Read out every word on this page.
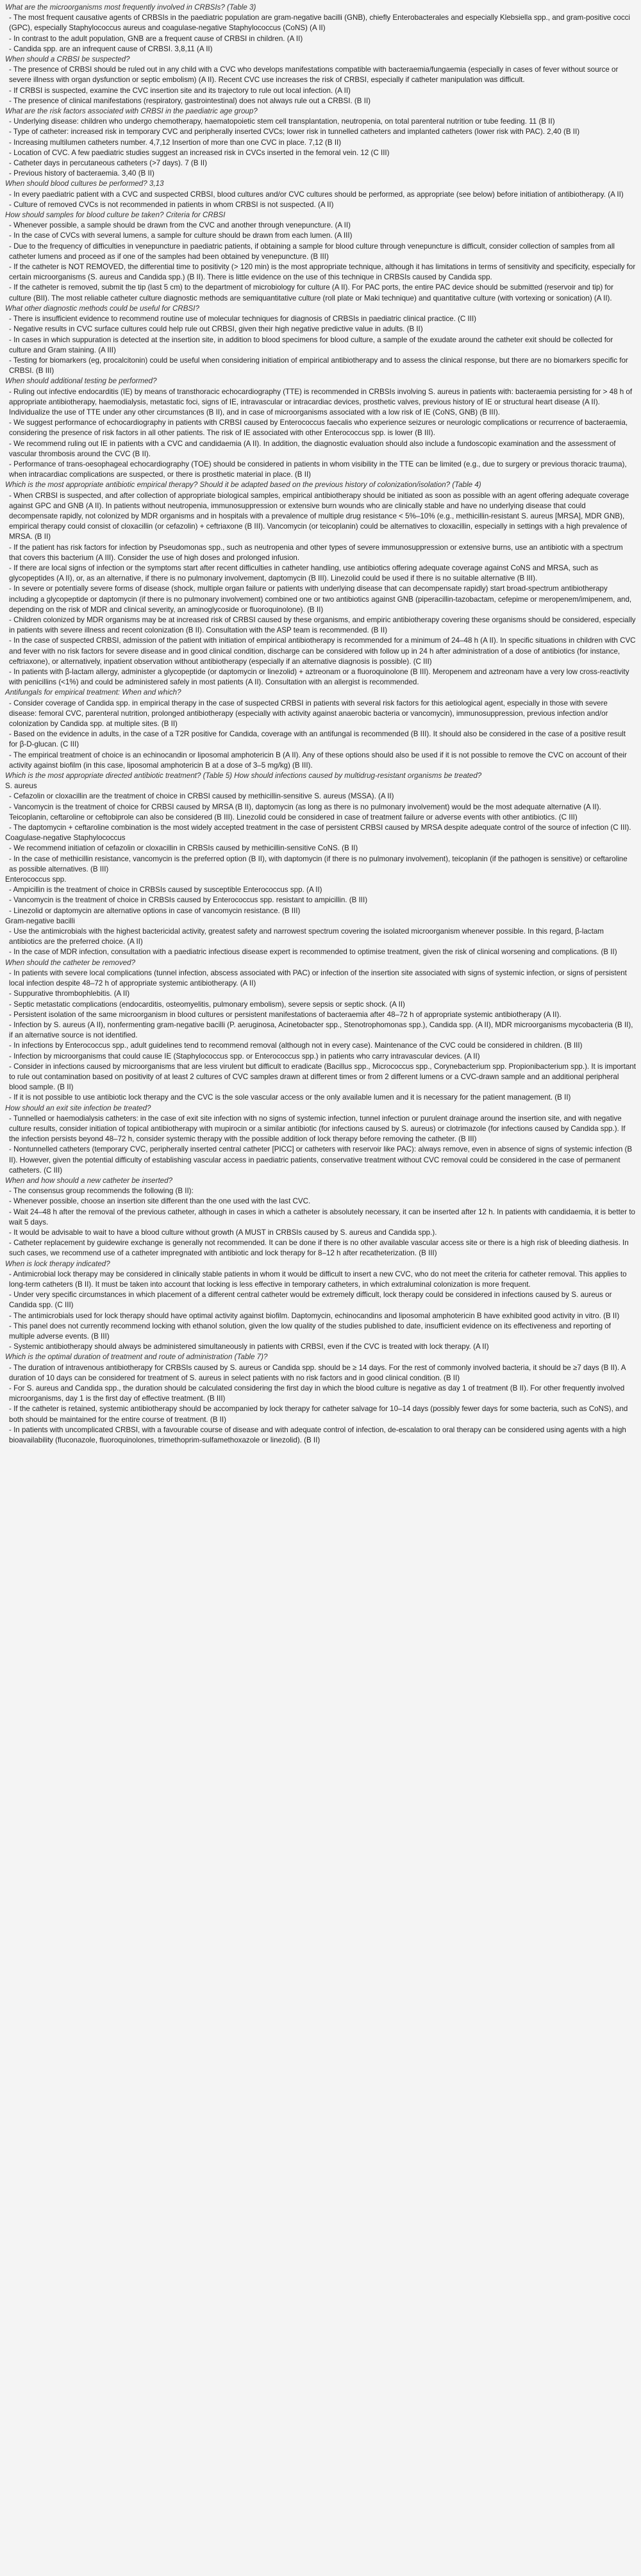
What are the microorganisms most frequently involved in CRBSIs? (Table 3)

- The most frequent causative agents of CRBSIs in the paediatric population are gram-negative bacilli (GNB), chiefly Enterobacterales and especially Klebsiella spp., and gram-positive cocci (GPC), especially Staphylococcus aureus and coagulase-negative Staphylococcus (CoNS) (A II)

- In contrast to the adult population, GNB are a frequent cause of CRBSI in children. (A II)

- Candida spp. are an infrequent cause of CRBSI. 3,8,11 (A II)

When should a CRBSI be suspected?

- The presence of CRBSI should be ruled out in any child with a CVC who develops manifestations compatible with bacteraemia/fungaemia (especially in cases of fever without source or severe illness with organ dysfunction or septic embolism) (A II). Recent CVC use increases the risk of CRBSI, especially if catheter manipulation was difficult.

- If CRBSI is suspected, examine the CVC insertion site and its trajectory to rule out local infection. (A II)

- The presence of clinical manifestations (respiratory, gastrointestinal) does not always rule out a CRBSI. (B II)

What are the risk factors associated with CRBSI in the paediatric age group?

- Underlying disease: children who undergo chemotherapy, haematopoietic stem cell transplantation, neutropenia, on total parenteral nutrition or tube feeding. 11 (B II)

- Type of catheter: increased risk in temporary CVC and peripherally inserted CVCs; lower risk in tunnelled catheters and implanted catheters (lower risk with PAC). 2,40 (B II)

- Increasing multilumen catheters number. 4,7,12 Insertion of more than one CVC in place. 7,12 (B II)

- Location of CVC. A few paediatric studies suggest an increased risk in CVCs inserted in the femoral vein. 12 (C III)

- Catheter days in percutaneous catheters (>7 days). 7 (B II)

- Previous history of bacteraemia. 3,40 (B II)

When should blood cultures be performed? 3,13

- In every paediatric patient with a CVC and suspected CRBSI, blood cultures and/or CVC cultures should be performed, as appropriate (see below) before initiation of antibiotherapy. (A II)

- Culture of removed CVCs is not recommended in patients in whom CRBSI is not suspected. (A II)

How should samples for blood culture be taken? Criteria for CRBSI

- Whenever possible, a sample should be drawn from the CVC and another through venepuncture. (A II)

- In the case of CVCs with several lumens, a sample for culture should be drawn from each lumen. (A III)

- Due to the frequency of difficulties in venepuncture in paediatric patients, if obtaining a sample for blood culture through venepuncture is difficult, consider collection of samples from all catheter lumens and proceed as if one of the samples had been obtained by venepuncture. (B III)

- If the catheter is NOT REMOVED, the differential time to positivity (> 120 min) is the most appropriate technique, although it has limitations in terms of sensitivity and specificity, especially for certain microorganisms (S. aureus and Candida spp.) (B II). There is little evidence on the use of this technique in CRBSIs caused by Candida spp.

- If the catheter is removed, submit the tip (last 5 cm) to the department of microbiology for culture (A II). For PAC ports, the entire PAC device should be submitted (reservoir and tip) for culture (BII). The most reliable catheter culture diagnostic methods are semiquantitative culture (roll plate or Maki technique) and quantitative culture (with vortexing or sonication) (A II).

What other diagnostic methods could be useful for CRBSI?

- There is insufficient evidence to recommend routine use of molecular techniques for diagnosis of CRBSIs in paediatric clinical practice. (C III)

- Negative results in CVC surface cultures could help rule out CRBSI, given their high negative predictive value in adults. (B II)

- In cases in which suppuration is detected at the insertion site, in addition to blood specimens for blood culture, a sample of the exudate around the catheter exit should be collected for culture and Gram staining. (A III)

- Testing for biomarkers (eg, procalcitonin) could be useful when considering initiation of empirical antibiotherapy and to assess the clinical response, but there are no biomarkers specific for CRBSI. (B III)

When should additional testing be performed?

- Ruling out infective endocarditis (IE) by means of transthoracic echocardiography (TTE) is recommended in CRBSIs involving S. aureus in patients with: bacteraemia persisting for > 48 h of appropriate antibiotherapy, haemodialysis, metastatic foci, signs of IE, intravascular or intracardiac devices, prosthetic valves, previous history of IE or structural heart disease (A II). Individualize the use of TTE under any other circumstances (B II), and in case of microorganisms associated with a low risk of IE (CoNS, GNB) (B III).

- We suggest performance of echocardiography in patients with CRBSI caused by Enterococcus faecalis who experience seizures or neurologic complications or recurrence of bacteraemia, considering the presence of risk factors in all other patients. The risk of IE associated with other Enterococcus spp. is lower (B III).

- We recommend ruling out IE in patients with a CVC and candidaemia (A II). In addition, the diagnostic evaluation should also include a fundoscopic examination and the assessment of vascular thrombosis around the CVC (B II).

- Performance of trans-oesophageal echocardiography (TOE) should be considered in patients in whom visibility in the TTE can be limited (e.g., due to surgery or previous thoracic trauma), when intracardiac complications are suspected, or there is prosthetic material in place. (B II)

Which is the most appropriate antibiotic empirical therapy? Should it be adapted based on the previous history of colonization/isolation? (Table 4)

- When CRBSI is suspected, and after collection of appropriate biological samples, empirical antibiotherapy should be initiated as soon as possible with an agent offering adequate coverage against GPC and GNB (A II). In patients without neutropenia, immunosuppression or extensive burn wounds who are clinically stable and have no underlying disease that could decompensate rapidly, not colonized by MDR organisms and in hospitals with a prevalence of multiple drug resistance < 5%–10% (e.g., methicillin-resistant S. aureus [MRSA], MDR GNB), empirical therapy could consist of cloxacillin (or cefazolin) + ceftriaxone (B III). Vancomycin (or teicoplanin) could be alternatives to cloxacillin, especially in settings with a high prevalence of MRSA. (B II)

- If the patient has risk factors for infection by Pseudomonas spp., such as neutropenia and other types of severe immunosuppression or extensive burns, use an antibiotic with a spectrum that covers this bacterium (A III). Consider the use of high doses and prolonged infusion.

- If there are local signs of infection or the symptoms start after recent difficulties in catheter handling, use antibiotics offering adequate coverage against CoNS and MRSA, such as glycopeptides (A II), or, as an alternative, if there is no pulmonary involvement, daptomycin (B III). Linezolid could be used if there is no suitable alternative (B III).

- In severe or potentially severe forms of disease (shock, multiple organ failure or patients with underlying disease that can decompensate rapidly) start broad-spectrum antibiotherapy including a glycopeptide or daptomycin (if there is no pulmonary involvement) combined one or two antibiotics against GNB (piperacillin-tazobactam, cefepime or meropenem/imipenem, and, depending on the risk of MDR and clinical severity, an aminoglycoside or fluoroquinolone). (B II)

- Children colonized by MDR organisms may be at increased risk of CRBSI caused by these organisms, and empiric antibiotherapy covering these organisms should be considered, especially in patients with severe illness and recent colonization (B II). Consultation with the ASP team is recommended. (B II)

- In the case of suspected CRBSI, admission of the patient with initiation of empirical antibiotherapy is recommended for a minimum of 24–48 h (A II). In specific situations in children with CVC and fever with no risk factors for severe disease and in good clinical condition, discharge can be considered with follow up in 24 h after administration of a dose of antibiotics (for instance, ceftriaxone), or alternatively, inpatient observation without antibiotherapy (especially if an alternative diagnosis is possible). (C III)

- In patients with β-lactam allergy, administer a glycopeptide (or daptomycin or linezolid) + aztreonam or a fluoroquinolone (B III). Meropenem and aztreonam have a very low cross-reactivity with penicillins (<1%) and could be administered safely in most patients (A II). Consultation with an allergist is recommended.

Antifungals for empirical treatment: When and which?

- Consider coverage of Candida spp. in empirical therapy in the case of suspected CRBSI in patients with several risk factors for this aetiological agent, especially in those with severe disease: femoral CVC, parenteral nutrition, prolonged antibiotherapy (especially with activity against anaerobic bacteria or vancomycin), immunosuppression, previous infection and/or colonization by Candida spp. at multiple sites. (B II)

- Based on the evidence in adults, in the case of a T2R positive for Candida, coverage with an antifungal is recommended (B III). It should also be considered in the case of a positive result for β-D-glucan. (C III)

- The empirical treatment of choice is an echinocandin or liposomal amphotericin B (A II). Any of these options should also be used if it is not possible to remove the CVC on account of their activity against biofilm (in this case, liposomal amphotericin B at a dose of 3–5 mg/kg) (B III).

Which is the most appropriate directed antibiotic treatment? (Table 5) How should infections caused by multidrug-resistant organisms be treated?

S. aureus

- Cefazolin or cloxacillin are the treatment of choice in CRBSI caused by methicillin-sensitive S. aureus (MSSA). (A II)

- Vancomycin is the treatment of choice for CRBSI caused by MRSA (B II), daptomycin (as long as there is no pulmonary involvement) would be the most adequate alternative (A II). Teicoplanin, ceftaroline or ceftobiprole can also be considered (B III). Linezolid could be considered in case of treatment failure or adverse events with other antibiotics. (C III)

- The daptomycin + ceftaroline combination is the most widely accepted treatment in the case of persistent CRBSI caused by MRSA despite adequate control of the source of infection (C III).

Coagulase-negative Staphylococcus

- We recommend initiation of cefazolin or cloxacillin in CRBSIs caused by methicillin-sensitive CoNS. (B II)

- In the case of methicillin resistance, vancomycin is the preferred option (B II), with daptomycin (if there is no pulmonary involvement), teicoplanin (if the pathogen is sensitive) or ceftaroline as possible alternatives. (B III)

Enterococcus spp.

- Ampicillin is the treatment of choice in CRBSIs caused by susceptible Enterococcus spp. (A II)

- Vancomycin is the treatment of choice in CRBSIs caused by Enterococcus spp. resistant to ampicillin. (B III)

- Linezolid or daptomycin are alternative options in case of vancomycin resistance. (B III)

Gram-negative bacilli

- Use the antimicrobials with the highest bactericidal activity, greatest safety and narrowest spectrum covering the isolated microorganism whenever possible. In this regard, β-lactam antibiotics are the preferred choice. (A II)

- In the case of MDR infection, consultation with a paediatric infectious disease expert is recommended to optimise treatment, given the risk of clinical worsening and complications. (B II)

When should the catheter be removed?

- In patients with severe local complications (tunnel infection, abscess associated with PAC) or infection of the insertion site associated with signs of systemic infection, or signs of persistent local infection despite 48–72 h of appropriate systemic antibiotherapy. (A II)

- Suppurative thrombophlebitis. (A II)

- Septic metastatic complications (endocarditis, osteomyelitis, pulmonary embolism), severe sepsis or septic shock. (A II)

- Persistent isolation of the same microorganism in blood cultures or persistent manifestations of bacteraemia after 48–72 h of appropriate systemic antibiotherapy (A II).

- Infection by S. aureus (A II), nonfermenting gram-negative bacilli (P. aeruginosa, Acinetobacter spp., Stenotrophomonas spp.), Candida spp. (A II), MDR microorganisms mycobacteria (B II), if an alternative source is not identified.

- In infections by Enterococcus spp., adult guidelines tend to recommend removal (although not in every case). Maintenance of the CVC could be considered in children. (B III)

- Infection by microorganisms that could cause IE (Staphylococcus spp. or Enterococcus spp.) in patients who carry intravascular devices. (A II)

- Consider in infections caused by microorganisms that are less virulent but difficult to eradicate (Bacillus spp., Micrococcus spp., Corynebacterium spp. Propionibacterium spp.). It is important to rule out contamination based on positivity of at least 2 cultures of CVC samples drawn at different times or from 2 different lumens or a CVC-drawn sample and an additional peripheral blood sample. (B II)

- If it is not possible to use antibiotic lock therapy and the CVC is the sole vascular access or the only available lumen and it is necessary for the patient management. (B II)

How should an exit site infection be treated?

- Tunnelled or haemodialysis catheters: in the case of exit site infection with no signs of systemic infection, tunnel infection or purulent drainage around the insertion site, and with negative culture results, consider initiation of topical antibiotherapy with mupirocin or a similar antibiotic (for infections caused by S. aureus) or clotrimazole (for infections caused by Candida spp.). If the infection persists beyond 48–72 h, consider systemic therapy with the possible addition of lock therapy before removing the catheter. (B III)

- Nontunnelled catheters (temporary CVC, peripherally inserted central catheter [PICC] or catheters with reservoir like PAC): always remove, even in absence of signs of systemic infection (B II). However, given the potential difficulty of establishing vascular access in paediatric patients, conservative treatment without CVC removal could be considered in the case of permanent catheters. (C III)

When and how should a new catheter be inserted?

- The consensus group recommends the following (B II):

- Whenever possible, choose an insertion site different than the one used with the last CVC.

- Wait 24–48 h after the removal of the previous catheter, although in cases in which a catheter is absolutely necessary, it can be inserted after 12 h. In patients with candidaemia, it is better to wait 5 days.

- It would be advisable to wait to have a blood culture without growth (A MUST in CRBSIs caused by S. aureus and Candida spp.).

- Catheter replacement by guidewire exchange is generally not recommended. It can be done if there is no other available vascular access site or there is a high risk of bleeding diathesis. In such cases, we recommend use of a catheter impregnated with antibiotic and lock therapy for 8–12 h after recatheterization. (B III)

When is lock therapy indicated?

- Antimicrobial lock therapy may be considered in clinically stable patients in whom it would be difficult to insert a new CVC, who do not meet the criteria for catheter removal. This applies to long-term catheters (B II). It must be taken into account that locking is less effective in temporary catheters, in which extraluminal colonization is more frequent.

- Under very specific circumstances in which placement of a different central catheter would be extremely difficult, lock therapy could be considered in infections caused by S. aureus or Candida spp. (C III)

- The antimicrobials used for lock therapy should have optimal activity against biofilm. Daptomycin, echinocandins and liposomal amphotericin B have exhibited good activity in vitro. (B II)

- This panel does not currently recommend locking with ethanol solution, given the low quality of the studies published to date, insufficient evidence on its effectiveness and reporting of multiple adverse events. (B III)

- Systemic antibiotherapy should always be administered simultaneously in patients with CRBSI, even if the CVC is treated with lock therapy. (A II)

Which is the optimal duration of treatment and route of administration (Table 7)?

- The duration of intravenous antibiotherapy for CRBSIs caused by S. aureus or Candida spp. should be ≥ 14 days. For the rest of commonly involved bacteria, it should be ≥7 days (B II). A duration of 10 days can be considered for treatment of S. aureus in select patients with no risk factors and in good clinical condition. (B II)

- For S. aureus and Candida spp., the duration should be calculated considering the first day in which the blood culture is negative as day 1 of treatment (B II). For other frequently involved microorganisms, day 1 is the first day of effective treatment. (B III)

- If the catheter is retained, systemic antibiotherapy should be accompanied by lock therapy for catheter salvage for 10–14 days (possibly fewer days for some bacteria, such as CoNS), and both should be maintained for the entire course of treatment. (B II)

- In patients with uncomplicated CRBSI, with a favourable course of disease and with adequate control of infection, de-escalation to oral therapy can be considered using agents with a high bioavailability (fluconazole, fluoroquinolones, trimethoprim-sulfamethoxazole or linezolid). (B II)
